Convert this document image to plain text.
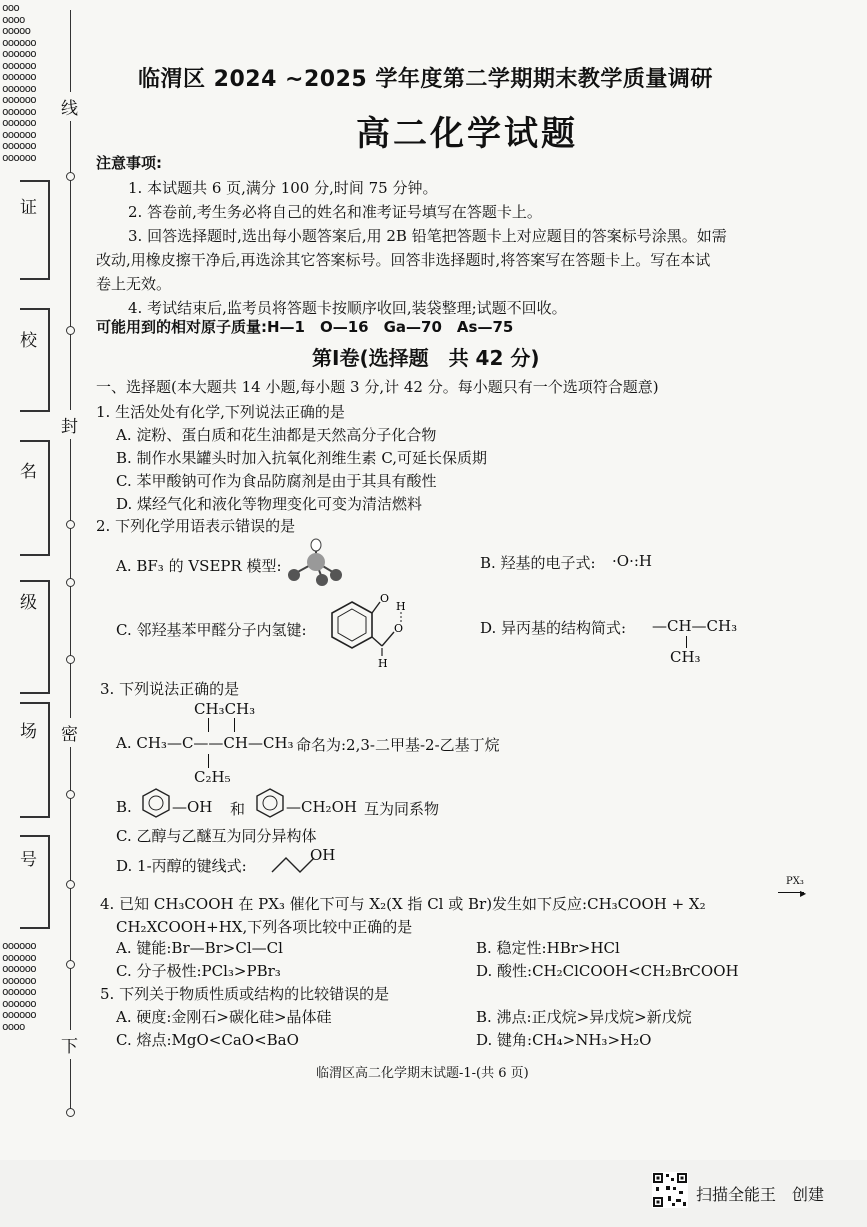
ooo
oooo
ooooo
oooooo
oooooo
oooooo
oooooo
oooooo
oooooo
oooooo
oooooo
oooooo
oooooo
oooooo
oooooo
oooooo
oooooo
oooooo
oooooo
oooooo
oooooo
oooo
线
封
密
下
证
校
名
级
场
号
临渭区 2024 ~2025 学年度第二学期期末教学质量调研
高二化学试题
注意事项:
1. 本试题共 6 页,满分 100 分,时间 75 分钟。
2. 答卷前,考生务必将自己的姓名和准考证号填写在答题卡上。
3. 回答选择题时,选出每小题答案后,用 2B 铅笔把答题卡上对应题目的答案标号涂黑。如需
改动,用橡皮擦干净后,再选涂其它答案标号。回答非选择题时,将答案写在答题卡上。写在本试
卷上无效。
4. 考试结束后,监考员将答题卡按顺序收回,装袋整理;试题不回收。
可能用到的相对原子质量:H—1　O—16　Ga—70　As—75
第Ⅰ卷(选择题　共 42 分)
一、选择题(本大题共 14 小题,每小题 3 分,计 42 分。每小题只有一个选项符合题意)
1. 生活处处有化学,下列说法正确的是
A. 淀粉、蛋白质和花生油都是天然高分子化合物
B. 制作水果罐头时加入抗氧化剂维生素 C,可延长保质期
C. 苯甲酸钠可作为食品防腐剂是由于其具有酸性
D. 煤经气化和液化等物理变化可变为清洁燃料
2. 下列化学用语表示错误的是
A. BF₃ 的 VSEPR 模型:	B. 羟基的电子式: ·O·:H
C. 邻羟基苯甲醛分子内氢键:
O
H
O
H
D. 异丙基的结构简式: —CH—CH₃
CH₃
3. 下列说法正确的是
CH₃CH₃
A. CH₃—C——CH—CH₃ 命名为:2,3-二甲基-2-乙基丁烷
C₂H₅
B.	—OH 和	—CH₂OH 互为同系物
C. 乙醇与乙醚互为同分异构体
D. 1-丙醇的键线式:
OH
4. 已知 CH₃COOH 在 PX₃ 催化下可与 X₂(X 指 Cl 或 Br)发生如下反应:CH₃COOH + X₂
PX₃
▶
CH₂XCOOH+HX,下列各项比较中正确的是
A. 键能:Br—Br>Cl—Cl	B. 稳定性:HBr>HCl
C. 分子极性:PCl₃>PBr₃	D. 酸性:CH₂ClCOOH<CH₂BrCOOH
5. 下列关于物质性质或结构的比较错误的是
A. 硬度:金刚石>碳化硅>晶体硅	B. 沸点:正戊烷>异戊烷>新戊烷
C. 熔点:MgO<CaO<BaO	D. 键角:CH₄>NH₃>H₂O
临渭区高二化学期末试题-1-(共 6 页)
扫描全能王　创建
